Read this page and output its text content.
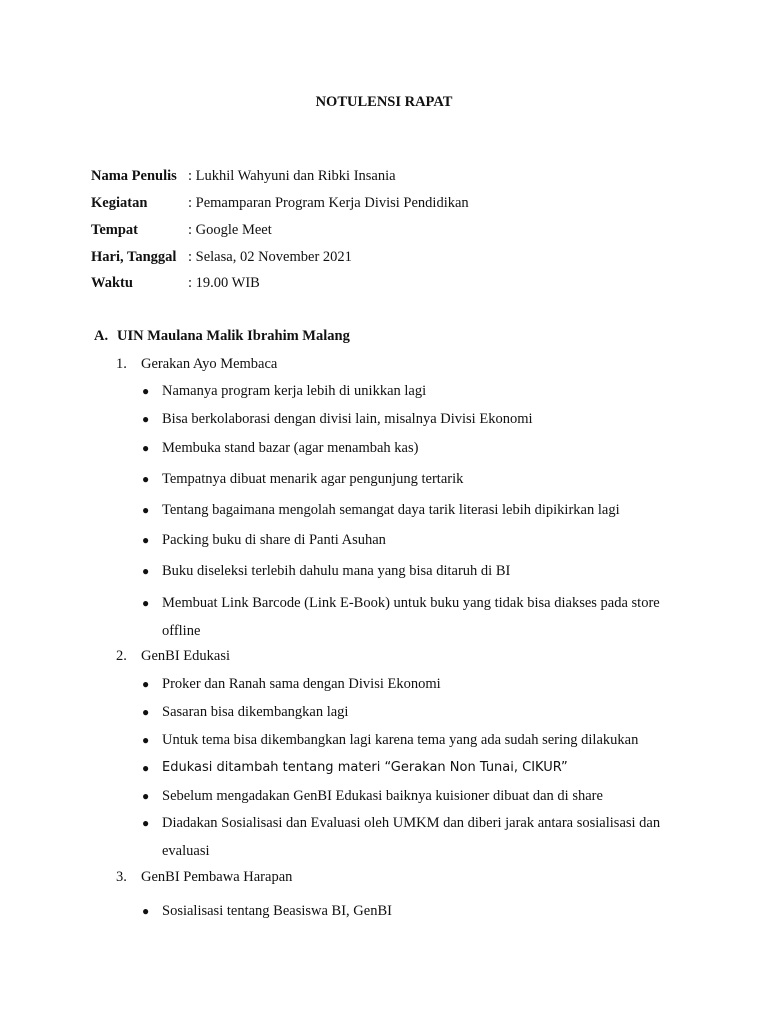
NOTULENSI RAPAT
Nama Penulis : Lukhil Wahyuni dan Ribki Insania
Kegiatan	: Pemamparan Program Kerja Divisi Pendidikan
Tempat	: Google Meet
Hari, Tanggal : Selasa, 02 November 2021
Waktu	: 19.00 WIB
A. UIN Maulana Malik Ibrahim Malang
1. Gerakan Ayo Membaca
● Namanya program kerja lebih di unikkan lagi
● Bisa berkolaborasi dengan divisi lain, misalnya Divisi Ekonomi
● Membuka stand bazar (agar menambah kas)
● Tempatnya dibuat menarik agar pengunjung tertarik
● Tentang bagaimana mengolah semangat daya tarik literasi lebih dipikirkan lagi
● Packing buku di share di Panti Asuhan
● Buku diseleksi terlebih dahulu mana yang bisa ditaruh di BI
● Membuat Link Barcode (Link E-Book) untuk buku yang tidak bisa diakses pada store offline
2. GenBI Edukasi
● Proker dan Ranah sama dengan Divisi Ekonomi
● Sasaran bisa dikembangkan lagi
● Untuk tema bisa dikembangkan lagi karena tema yang ada sudah sering dilakukan
● Edukasi ditambah tentang materi “Gerakan Non Tunai, CIKUR”
● Sebelum mengadakan GenBI Edukasi baiknya kuisioner dibuat dan di share
● Diadakan Sosialisasi dan Evaluasi oleh UMKM dan diberi jarak antara sosialisasi dan evaluasi
3. GenBI Pembawa Harapan
● Sosialisasi tentang Beasiswa BI, GenBI
